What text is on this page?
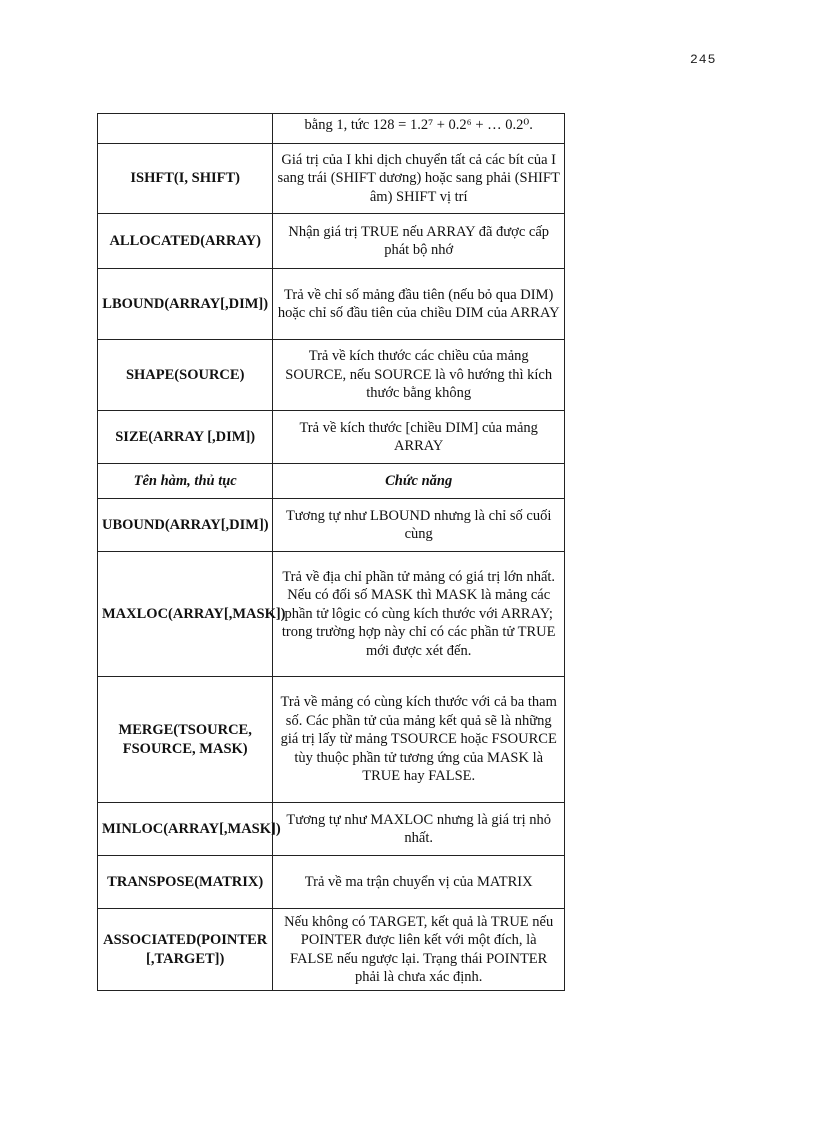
245
	bằng 1, tức 128 = 1.2⁷ + 0.2⁶ + … 0.2⁰.
ISHFT(I, SHIFT)	Giá trị của I khi dịch chuyển tất cả các bít của I sang trái (SHIFT dương) hoặc sang phải (SHIFT âm) SHIFT vị trí
ALLOCATED(ARRAY)	Nhận giá trị TRUE nếu ARRAY đã được cấp phát bộ nhớ
LBOUND(ARRAY[,DIM])	Trả về chỉ số mảng đầu tiên (nếu bỏ qua DIM) hoặc chỉ số đầu tiên của chiều DIM của ARRAY
SHAPE(SOURCE)	Trả về kích thước các chiều của mảng SOURCE, nếu SOURCE là vô hướng thì kích thước bằng không
SIZE(ARRAY [,DIM])	Trả về kích thước [chiều DIM] của mảng ARRAY
Tên hàm, thủ tục	Chức năng
UBOUND(ARRAY[,DIM])	Tương tự như LBOUND nhưng là chỉ số cuối cùng
MAXLOC(ARRAY[,MASK])	Trả về địa chỉ phần tử mảng có giá trị lớn nhất. Nếu có đối số MASK thì MASK là mảng các phần tử lôgic có cùng kích thước với ARRAY; trong trường hợp này chỉ có các phần tử TRUE mới được xét đến.
MERGE(TSOURCE, FSOURCE, MASK)	Trả về mảng có cùng kích thước với cả ba tham số. Các phần tử của mảng kết quả sẽ là những giá trị lấy từ mảng TSOURCE hoặc FSOURCE tùy thuộc phần tử tương ứng của MASK là TRUE hay FALSE.
MINLOC(ARRAY[,MASK])	Tương tự như MAXLOC nhưng là giá trị nhỏ nhất.
TRANSPOSE(MATRIX)	Trả về ma trận chuyển vị của MATRIX
ASSOCIATED(POINTER [,TARGET])	Nếu không có TARGET, kết quả là TRUE nếu POINTER được liên kết với một đích, là FALSE nếu ngược lại. Trạng thái POINTER phải là chưa xác định.
